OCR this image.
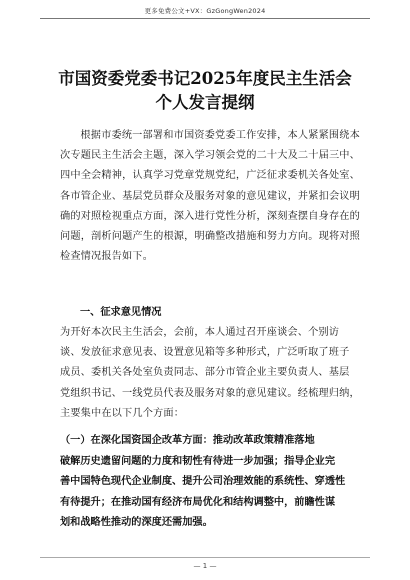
更多免费公文+VX：GzGongWen2024
市国资委党委书记2025年度民主生活会
个人发言提纲
根据市委统一部署和市国资委党委工作安排，本人紧紧围绕本次专题民主生活会主题，深入学习领会党的二十大及二十届三中、四中全会精神，认真学习党章党规党纪，广泛征求委机关各处室、各市管企业、基层党员群众及服务对象的意见建议，并紧扣会议明确的对照检视重点方面，深入进行党性分析，深刻查摆自身存在的问题，剖析问题产生的根源，明确整改措施和努力方向。现将对照检查情况报告如下。
一、征求意见情况
为开好本次民主生活会，会前，本人通过召开座谈会、个别访
谈、发放征求意见表、设置意见箱等多种形式，广泛听取了班子
成员、委机关各处室负责同志、部分市管企业主要负责人、基层
党组织书记、一线党员代表及服务对象的意见建议。经梳理归纳，
主要集中在以下几个方面：
（一）在深化国资国企改革方面：推动改革政策精准落地
破解历史遗留问题的力度和韧性有待进一步加强；指导企业完
善中国特色现代企业制度、提升公司治理效能的系统性、穿透性
有待提升；在推动国有经济布局优化和结构调整中，前瞻性谋
划和战略性推动的深度还需加强。
— 1 —
